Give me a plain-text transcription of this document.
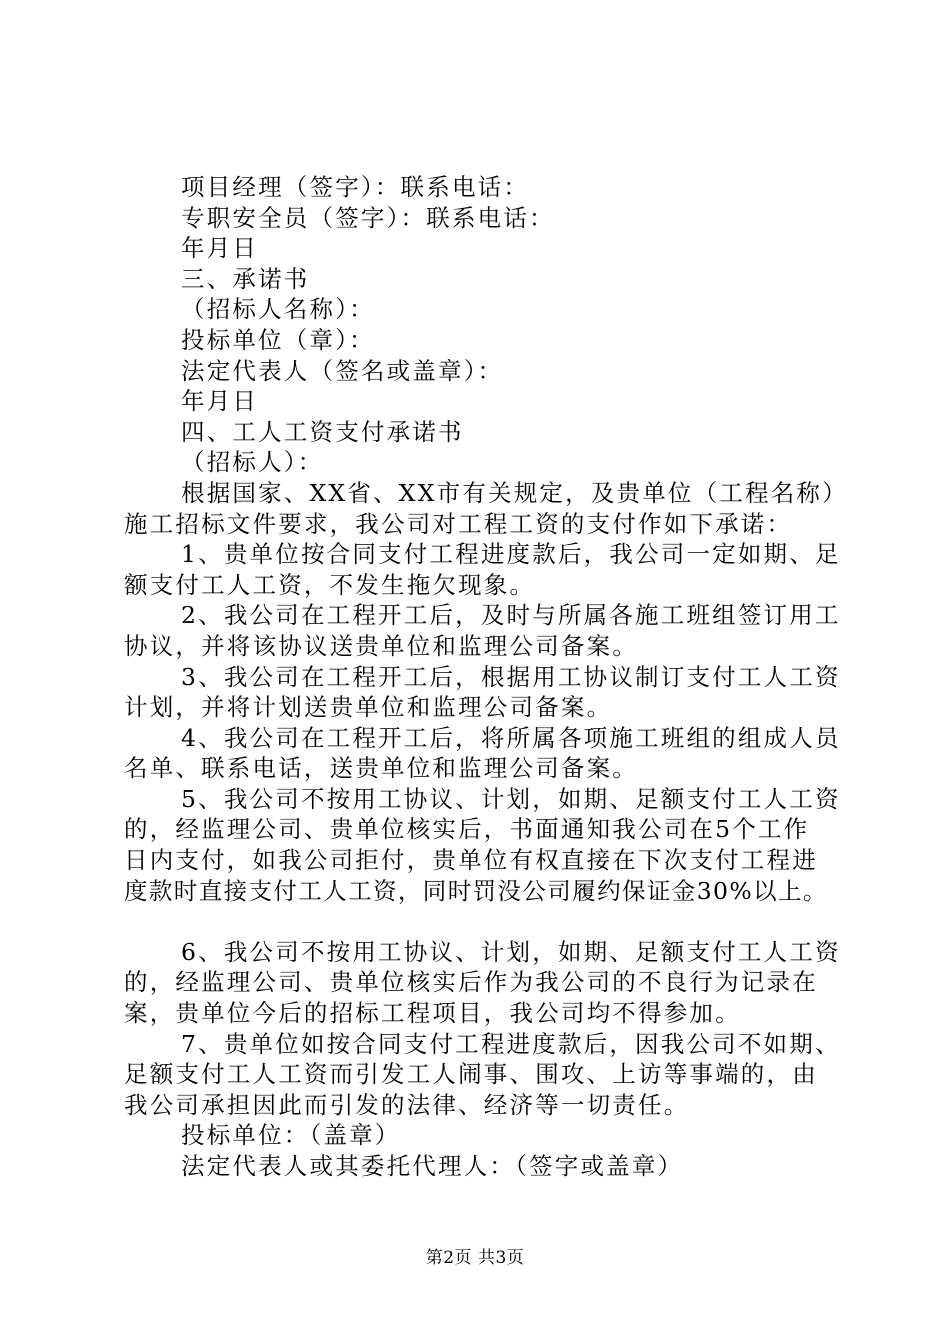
项目经理（签字）：联系电话：
专职安全员（签字）：联系电话：
年月日
三、承诺书
（招标人名称）：
投标单位（章）：
法定代表人（签名或盖章）：
年月日
四、工人工资支付承诺书
（招标人）：
根据国家、XX省、XX市有关规定，及贵单位（工程名称）
施工招标文件要求，我公司对工程工资的支付作如下承诺：
1、贵单位按合同支付工程进度款后，我公司一定如期、足
额支付工人工资，不发生拖欠现象。
2、我公司在工程开工后，及时与所属各施工班组签订用工
协议，并将该协议送贵单位和监理公司备案。
3、我公司在工程开工后，根据用工协议制订支付工人工资
计划，并将计划送贵单位和监理公司备案。
4、我公司在工程开工后，将所属各项施工班组的组成人员
名单、联系电话，送贵单位和监理公司备案。
5、我公司不按用工协议、计划，如期、足额支付工人工资
的，经监理公司、贵单位核实后，书面通知我公司在5个工作
日内支付，如我公司拒付，贵单位有权直接在下次支付工程进
度款时直接支付工人工资，同时罚没公司履约保证金30%以上。
6、我公司不按用工协议、计划，如期、足额支付工人工资
的，经监理公司、贵单位核实后作为我公司的不良行为记录在
案，贵单位今后的招标工程项目，我公司均不得参加。
7、贵单位如按合同支付工程进度款后，因我公司不如期、
足额支付工人工资而引发工人闹事、围攻、上访等事端的，由
我公司承担因此而引发的法律、经济等一切责任。
投标单位：（盖章）
法定代表人或其委托代理人：（签字或盖章）
第2页 共3页
